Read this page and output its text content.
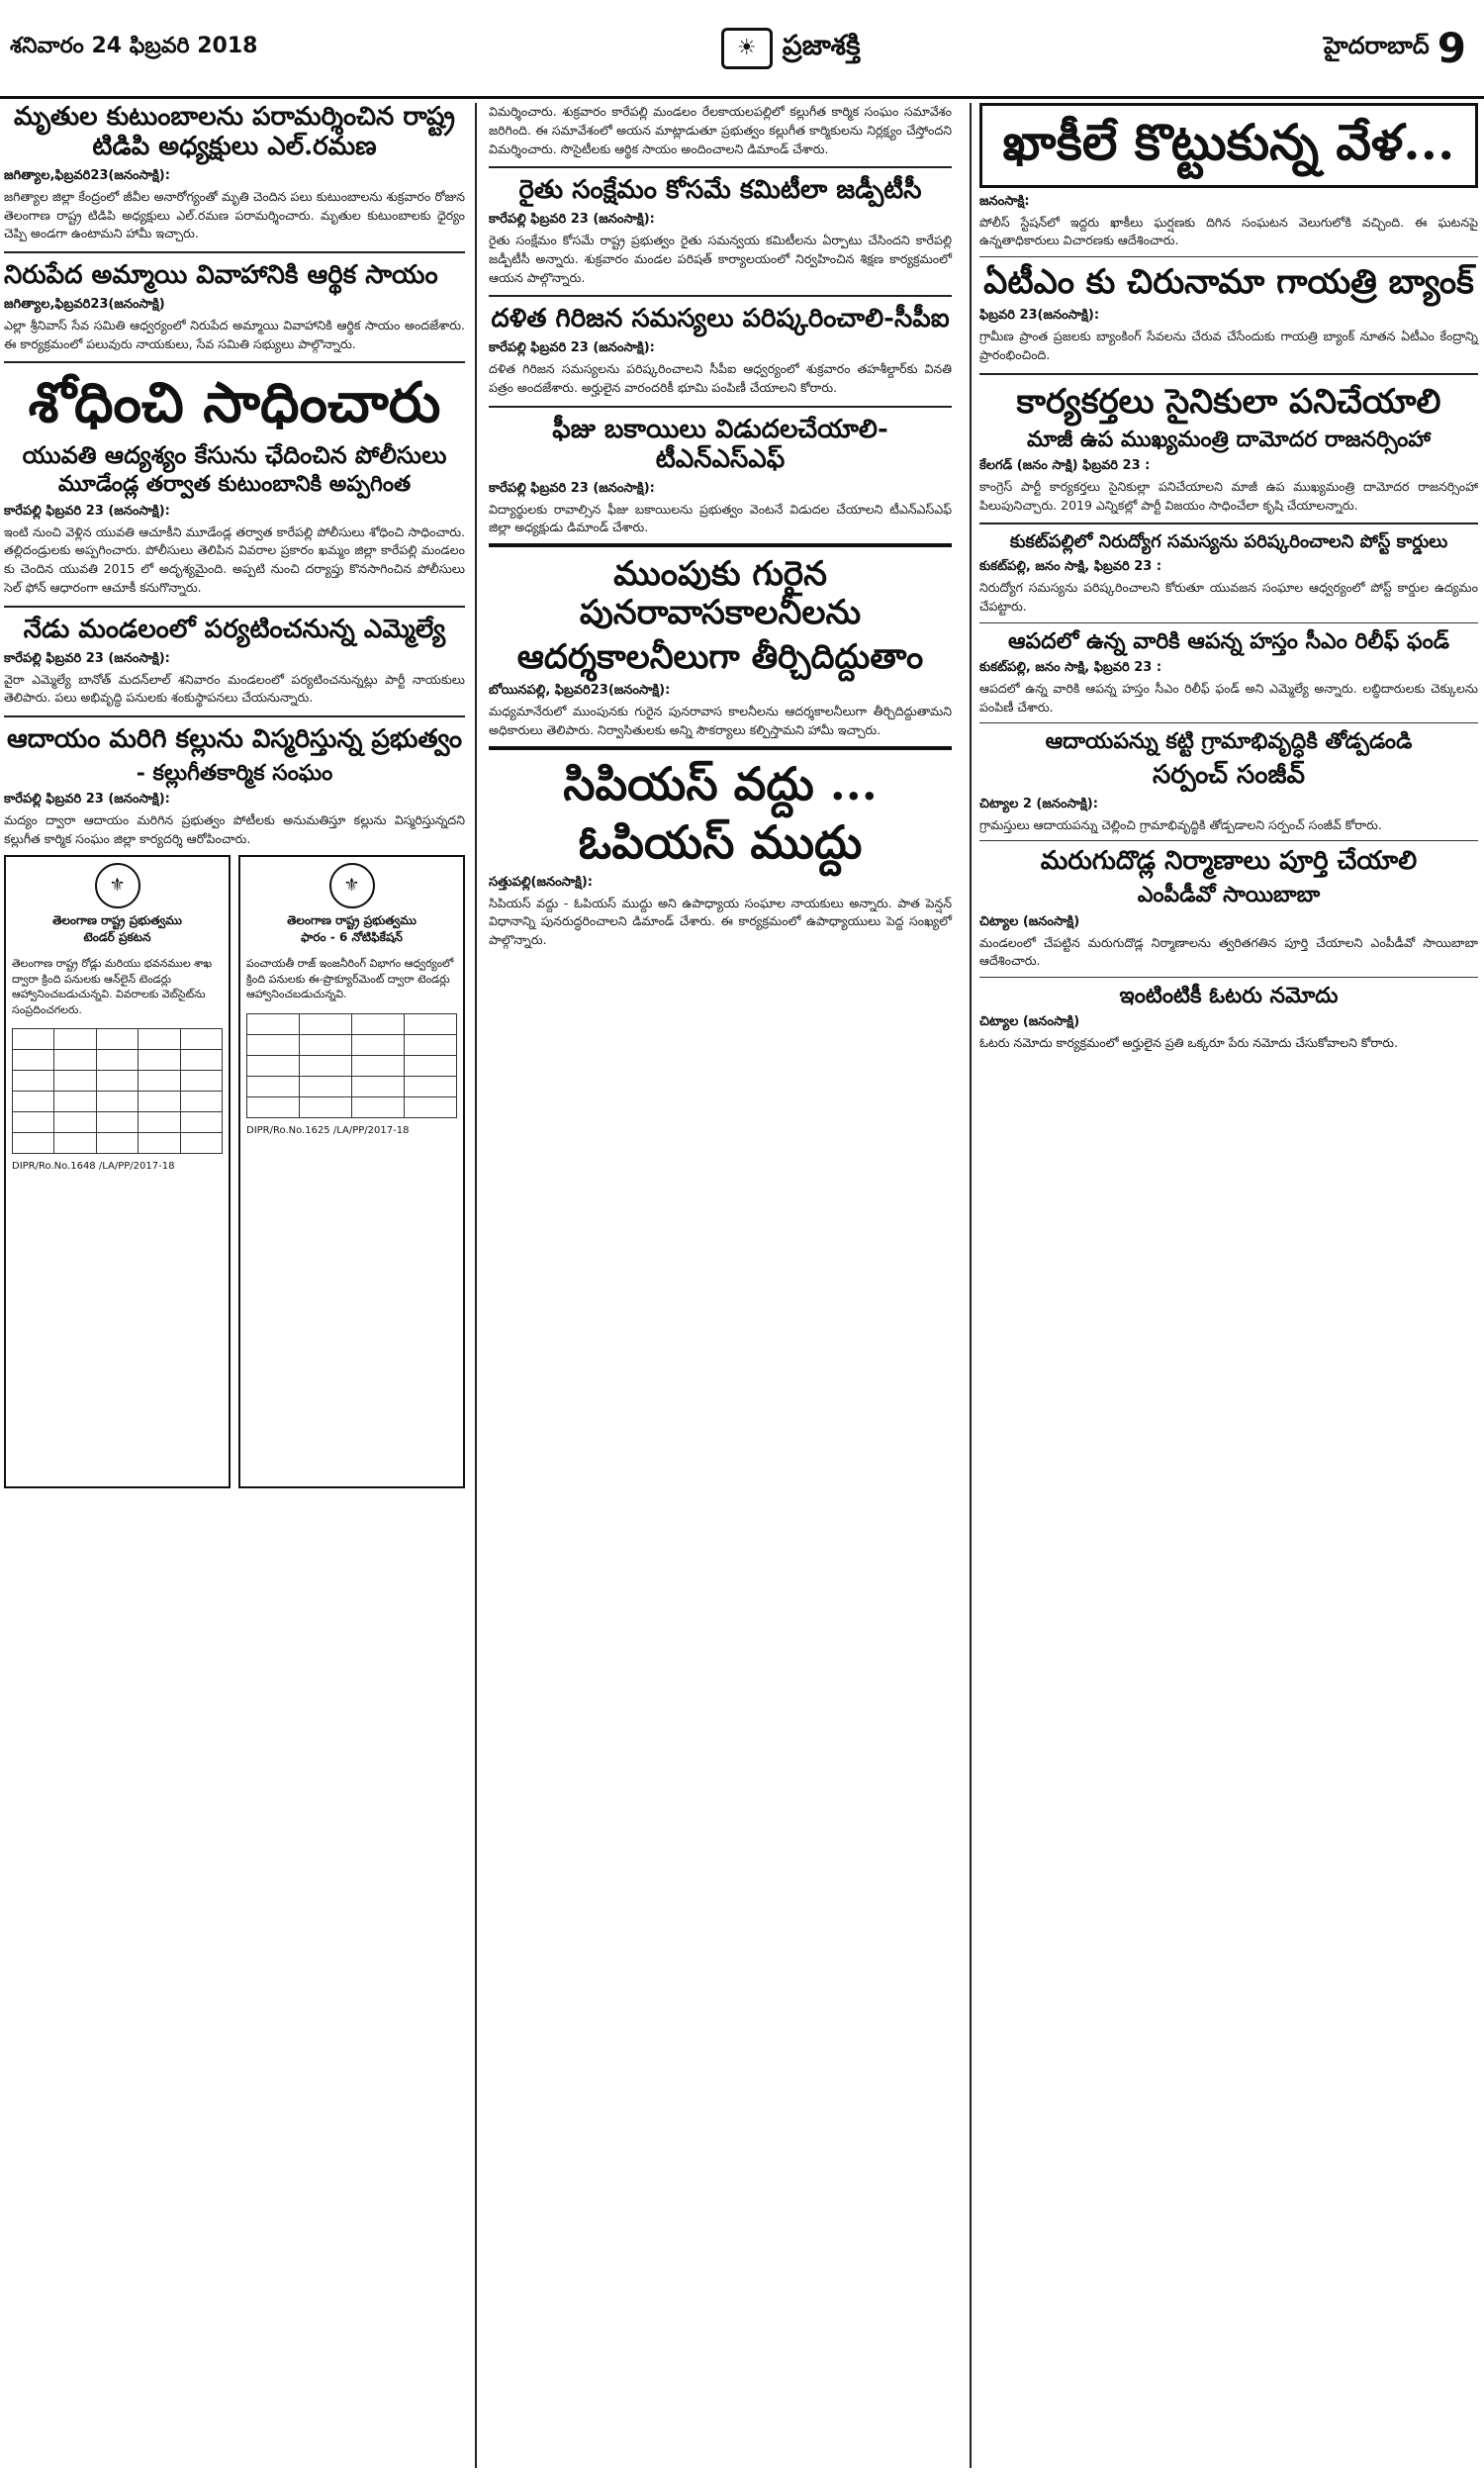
శనివారం 24 ఫిబ్రవరి 2018	☀ ప్రజాశక్తి	హైదరాబాద్ 9
మృతుల కుటుంబాలను పరామర్శించిన రాష్ట్ర టిడిపి అధ్యక్షులు ఎల్.రమణ
జగిత్యాల,ఫిబ్రవరి23(జనంసాక్షి):

జగిత్యాల జిల్లా కేంద్రంలో జీవీల అనారోగ్యంతో మృతి చెందిన పలు కుటుంబాలను శుక్రవారం రోజున తెలంగాణ రాష్ట్ర టిడిపి అధ్యక్షులు ఎల్.రమణ పరామర్శించారు. మృతుల కుటుంబాలకు ధైర్యం చెప్పి అండగా ఉంటామని హామీ ఇచ్చారు.

నిరుపేద అమ్మాయి వివాహానికి ఆర్థిక సాయం
జగిత్యాల,ఫిబ్రవరి23(జనంసాక్షి)

ఎల్లా శ్రీనివాస్ సేవ సమితి ఆధ్వర్యంలో నిరుపేద అమ్మాయి వివాహానికి ఆర్థిక సాయం అందజేశారు. ఈ కార్యక్రమంలో పలువురు నాయకులు, సేవ సమితి సభ్యులు పాల్గొన్నారు.

శోధించి సాధించారు
యువతి ఆద్యశ్యం కేసును ఛేదించిన పోలీసులు
మూడేండ్ల తర్వాత కుటుంబానికి అప్పగింత
కారేపల్లి ఫిబ్రవరి 23 (జనంసాక్షి):

ఇంటి నుంచి వెళ్లిన యువతి ఆచూకీని మూడేండ్ల తర్వాత కారేపల్లి పోలీసులు శోధించి సాధించారు. తల్లిదండ్రులకు అప్పగించారు. పోలీసులు తెలిపిన వివరాల ప్రకారం ఖమ్మం జిల్లా కారేపల్లి మండలం కు చెందిన యువతి 2015 లో అదృశ్యమైంది. అప్పటి నుంచి దర్యాప్తు కొనసాగించిన పోలీసులు సెల్ ఫోన్ ఆధారంగా ఆచూకీ కనుగొన్నారు.

నేడు మండలంలో పర్యటించనున్న ఎమ్మెల్యే
కారేపల్లి ఫిబ్రవరి 23 (జనంసాక్షి):

వైరా ఎమ్మెల్యే బానోత్ మదన్‌లాల్ శనివారం మండలంలో పర్యటించనున్నట్లు పార్టీ నాయకులు తెలిపారు. పలు అభివృద్ధి పనులకు శంకుస్థాపనలు చేయనున్నారు.

ఆదాయం మరిగి కల్లును విస్మరిస్తున్న ప్రభుత్వం
- కల్లుగీతకార్మిక సంఘం
కారేపల్లి ఫిబ్రవరి 23 (జనంసాక్షి):

మద్యం ద్వారా ఆదాయం మరిగిన ప్రభుత్వం పోటీలకు అనుమతిస్తూ కల్లును విస్మరిస్తున్నదని కల్లుగీత కార్మిక సంఘం జిల్లా కార్యదర్శి ఆరోపించారు.

⚜
తెలంగాణ రాష్ట్ర ప్రభుత్వము
టెండర్ ప్రకటన

తెలంగాణ రాష్ట్ర రోడ్లు మరియు భవనముల శాఖ ద్వారా క్రింది పనులకు ఆన్‌లైన్ టెండర్లు ఆహ్వానించబడుచున్నవి. వివరాలకు వెబ్‌సైట్‌ను సంప్రదించగలరు.

DIPR/Ro.No.1648 /LA/PP/2017-18
⚜
తెలంగాణ రాష్ట్ర ప్రభుత్వము
ఫారం - 6 నోటిఫికేషన్

పంచాయతీ రాజ్ ఇంజనీరింగ్ విభాగం ఆధ్వర్యంలో క్రింది పనులకు ఈ-ప్రొక్యూర్‌మెంట్ ద్వారా టెండర్లు ఆహ్వానించబడుచున్నవి.

DIPR/Ro.No.1625 /LA/PP/2017-18

విమర్శించారు. శుక్రవారం కారేపల్లి మండలం రేలకాయలపల్లిలో కల్లుగీత కార్మిక సంఘం సమావేశం జరిగింది. ఈ సమావేశంలో అయన మాట్లాడుతూ ప్రభుత్వం కల్లుగీత కార్మికులను నిర్లక్ష్యం చేస్తోందని విమర్శించారు. సొసైటీలకు ఆర్థిక సాయం అందించాలని డిమాండ్ చేశారు.

రైతు సంక్షేమం కోసమే కమిటీలా జడ్పీటీసీ
కారేపల్లి ఫిబ్రవరి 23 (జనంసాక్షి):

రైతు సంక్షేమం కోసమే రాష్ట్ర ప్రభుత్వం రైతు సమన్వయ కమిటీలను ఏర్పాటు చేసిందని కారేపల్లి జడ్పీటీసీ అన్నారు. శుక్రవారం మండల పరిషత్ కార్యాలయంలో నిర్వహించిన శిక్షణ కార్యక్రమంలో ఆయన పాల్గొన్నారు.

దళిత గిరిజన సమస్యలు పరిష్కరించాలి-సీపీఐ
కారేపల్లి ఫిబ్రవరి 23 (జనంసాక్షి):

దళిత గిరిజన సమస్యలను పరిష్కరించాలని సీపీఐ ఆధ్వర్యంలో శుక్రవారం తహశీల్దార్‌కు వినతి పత్రం అందజేశారు. అర్హులైన వారందరికీ భూమి పంపిణీ చేయాలని కోరారు.

ఫీజు బకాయిలు విడుదలచేయాలి- టీఎన్ఎస్ఎఫ్
కారేపల్లి ఫిబ్రవరి 23 (జనంసాక్షి):

విద్యార్థులకు రావాల్సిన ఫీజు బకాయిలను ప్రభుత్వం వెంటనే విడుదల చేయాలని టీఎన్ఎస్ఎఫ్ జిల్లా అధ్యక్షుడు డిమాండ్ చేశారు.

ముంపుకు గురైన పునరావాసకాలనీలను
ఆదర్శకాలనీలుగా తీర్చిదిద్దుతాం
బోయినపల్లి, ఫిబ్రవరి23(జనంసాక్షి):

మధ్యమానేరులో ముంపునకు గురైన పునరావాస కాలనీలను ఆదర్శకాలనీలుగా తీర్చిదిద్దుతామని అధికారులు తెలిపారు. నిర్వాసితులకు అన్ని సౌకర్యాలు కల్పిస్తామని హామీ ఇచ్చారు.

సిపియస్ వద్దు ...
ఓపియస్ ముద్దు
సత్తుపల్లి(జనంసాక్షి):

సిపియస్ వద్దు - ఓపియస్ ముద్దు అని ఉపాధ్యాయ సంఘాల నాయకులు అన్నారు. పాత పెన్షన్ విధానాన్ని పునరుద్ధరించాలని డిమాండ్ చేశారు. ఈ కార్యక్రమంలో ఉపాధ్యాయులు పెద్ద సంఖ్యలో పాల్గొన్నారు.

ఖాకీలే కొట్టుకున్న వేళ...
జనంసాక్షి:

పోలీస్ స్టేషన్‌లో ఇద్దరు ఖాకీలు ఘర్షణకు దిగిన సంఘటన వెలుగులోకి వచ్చింది. ఈ ఘటనపై ఉన్నతాధికారులు విచారణకు ఆదేశించారు.

ఏటీఎం కు చిరునామా గాయత్రి బ్యాంక్
ఫిబ్రవరి 23(జనంసాక్షి):

గ్రామీణ ప్రాంత ప్రజలకు బ్యాంకింగ్ సేవలను చేరువ చేసేందుకు గాయత్రి బ్యాంక్ నూతన ఏటీఎం కేంద్రాన్ని ప్రారంభించింది.

కార్యకర్తలు సైనికులా పనిచేయాలి
మాజీ ఉప ముఖ్యమంత్రి దామోదర రాజనర్సింహా
కేలగడ్ (జనం సాక్షి) ఫిబ్రవరి 23 :

కాంగ్రెస్ పార్టీ కార్యకర్తలు సైనికుల్లా పనిచేయాలని మాజీ ఉప ముఖ్యమంత్రి దామోదర రాజనర్సింహా పిలుపునిచ్చారు. 2019 ఎన్నికల్లో పార్టీ విజయం సాధించేలా కృషి చేయాలన్నారు.

కుకట్‌పల్లిలో నిరుద్యోగ సమస్యను పరిష్కరించాలని పోస్ట్ కార్డులు
కుకట్‌పల్లి, జనం సాక్షి, ఫిబ్రవరి 23 :

నిరుద్యోగ సమస్యను పరిష్కరించాలని కోరుతూ యువజన సంఘాల ఆధ్వర్యంలో పోస్ట్ కార్డుల ఉద్యమం చేపట్టారు.

ఆపదలో ఉన్న వారికి ఆపన్న హస్తం సీఎం రిలీఫ్ ఫండ్
కుకట్‌పల్లి, జనం సాక్షి, ఫిబ్రవరి 23 :

ఆపదలో ఉన్న వారికి ఆపన్న హస్తం సీఎం రిలీఫ్ ఫండ్ అని ఎమ్మెల్యే అన్నారు. లబ్ధిదారులకు చెక్కులను పంపిణీ చేశారు.

ఆదాయపన్ను కట్టి గ్రామాభివృద్ధికి తోడ్పడండి
సర్పంచ్ సంజీవ్
చిట్యాల 2 (జనంసాక్షి):

గ్రామస్తులు ఆదాయపన్ను చెల్లించి గ్రామాభివృద్ధికి తోడ్పడాలని సర్పంచ్ సంజీవ్ కోరారు.

మరుగుదొడ్ల నిర్మాణాలు పూర్తి చేయాలి
ఎంపీడీవో సాయిబాబా
చిట్యాల (జనంసాక్షి)

మండలంలో చేపట్టిన మరుగుదొడ్ల నిర్మాణాలను త్వరితగతిన పూర్తి చేయాలని ఎంపీడీవో సాయిబాబా ఆదేశించారు.

ఇంటింటికీ ఓటరు నమోదు
చిట్యాల (జనంసాక్షి)

ఓటరు నమోదు కార్యక్రమంలో అర్హులైన ప్రతి ఒక్కరూ పేరు నమోదు చేసుకోవాలని కోరారు.
